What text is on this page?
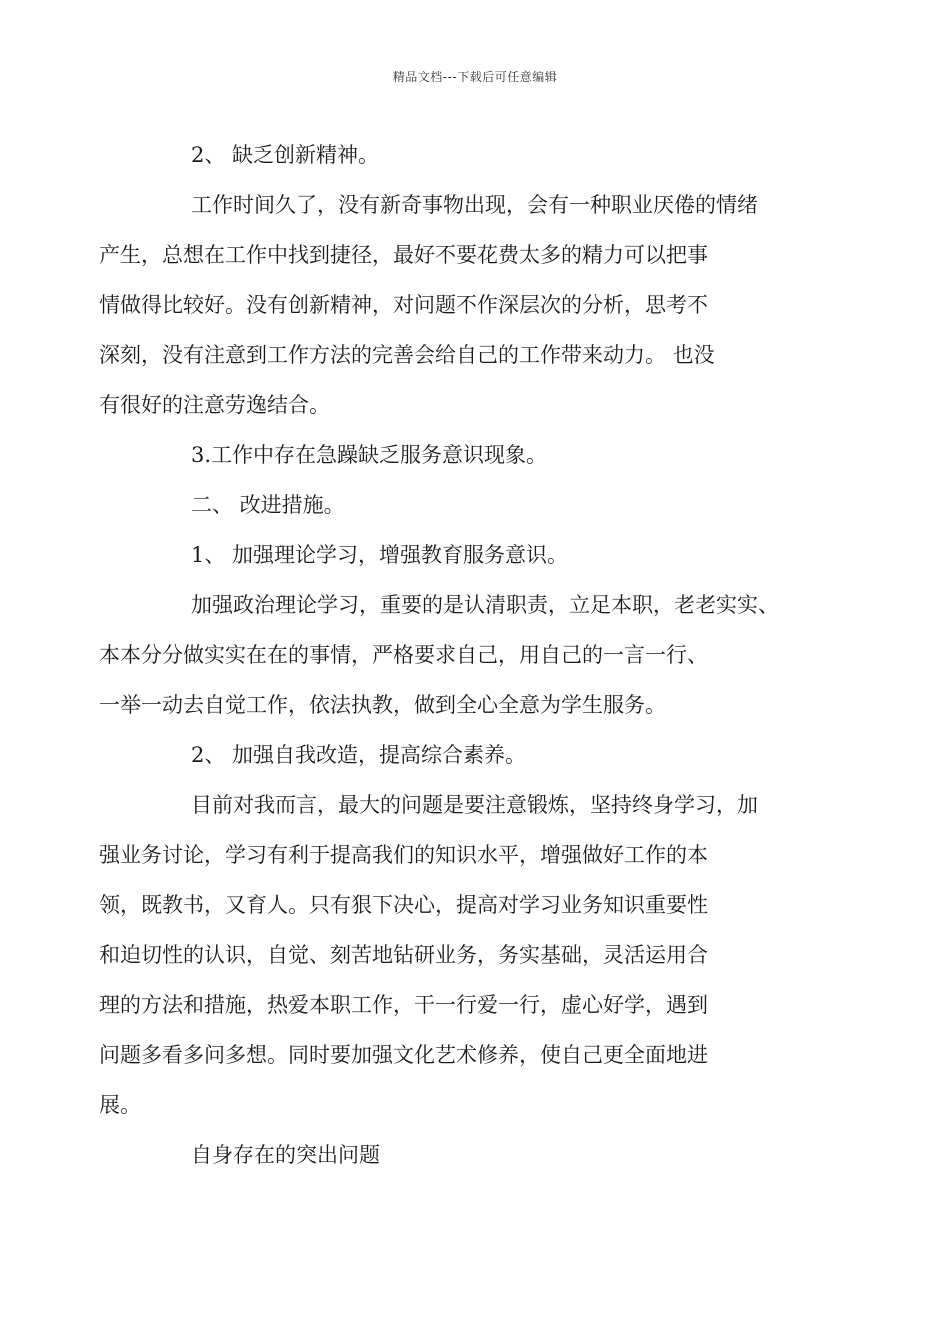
精品文档---下载后可任意编辑

2、 缺乏创新精神。

工作时间久了，没有新奇事物出现，会有一种职业厌倦的情绪
产生，总想在工作中找到捷径，最好不要花费太多的精力可以把事
情做得比较好。没有创新精神，对问题不作深层次的分析，思考不
深刻，没有注意到工作方法的完善会给自己的工作带来动力。 也没
有很好的注意劳逸结合。

3.工作中存在急躁缺乏服务意识现象。

二、 改进措施。

1、 加强理论学习，增强教育服务意识。

加强政治理论学习，重要的是认清职责，立足本职，老老实实、
本本分分做实实在在的事情，严格要求自己，用自己的一言一行、
一举一动去自觉工作，依法执教，做到全心全意为学生服务。

2、 加强自我改造，提高综合素养。

目前对我而言，最大的问题是要注意锻炼，坚持终身学习，加
强业务讨论，学习有利于提高我们的知识水平，增强做好工作的本
领，既教书，又育人。只有狠下决心，提高对学习业务知识重要性
和迫切性的认识，自觉、刻苦地钻研业务，务实基础，灵活运用合
理的方法和措施，热爱本职工作，干一行爱一行，虚心好学，遇到
问题多看多问多想。同时要加强文化艺术修养，使自己更全面地进
展。

自身存在的突出问题
